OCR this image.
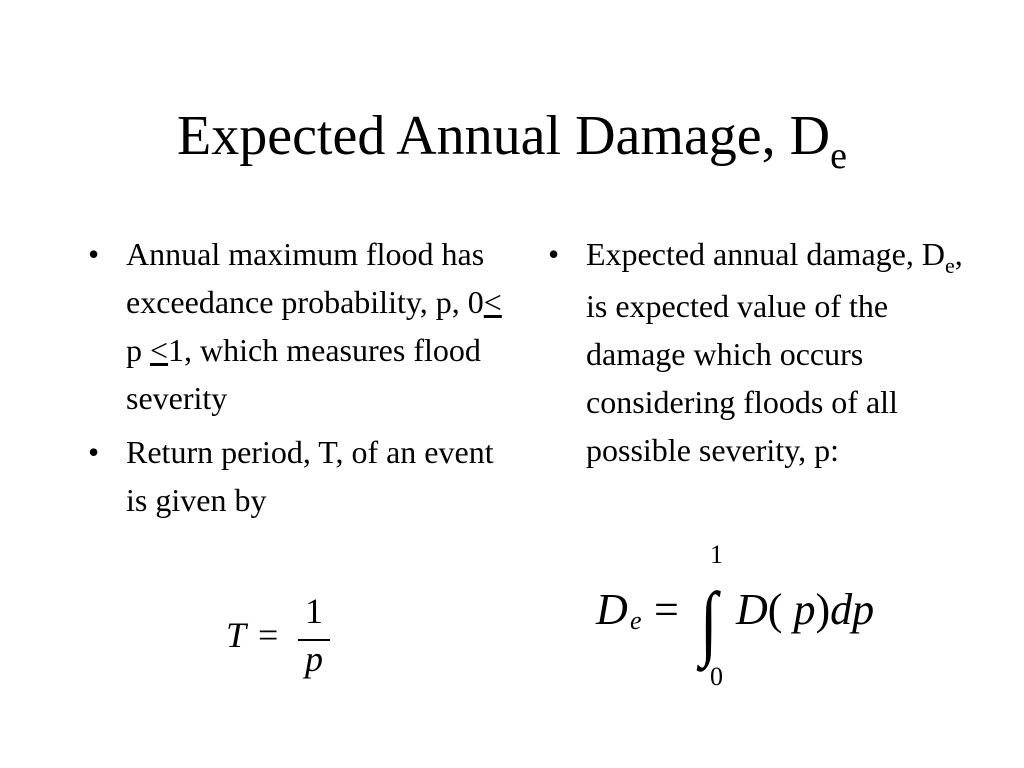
Expected Annual Damage, $D_e$
• Annual maximum flood has exceedance probability, p, 0< p <1, which measures flood severity
• Return period, T, of an event is given by
• Expected annual damage, $D_e$, is expected value of the damage which occurs considering floods of all possible severity, p:
T =
1
p
D e =
1
∫
0
D( p)dp
